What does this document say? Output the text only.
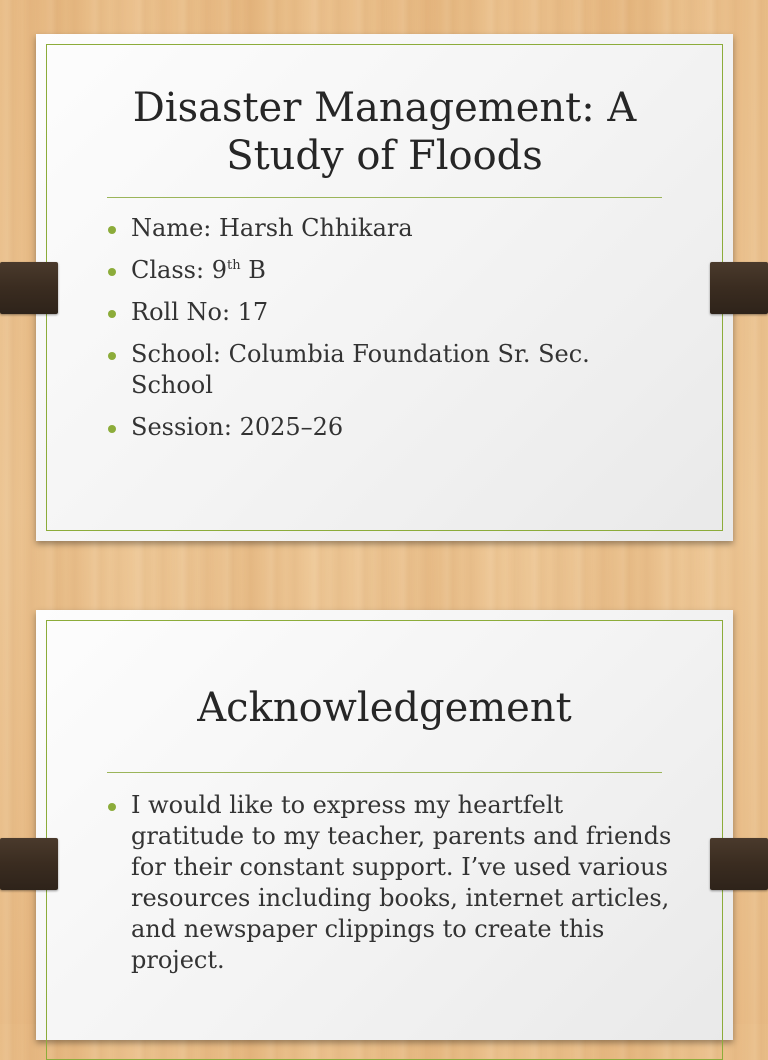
Disaster Management: A Study of Floods
Name: Harsh Chhikara
Class: 9th B
Roll No: 17
School: Columbia Foundation Sr. Sec. School
Session: 2025–26
Acknowledgement
I would like to express my heartfelt gratitude to my teacher, parents and friends for their constant support. I’ve used various resources including books, internet articles, and newspaper clippings to create this project.
